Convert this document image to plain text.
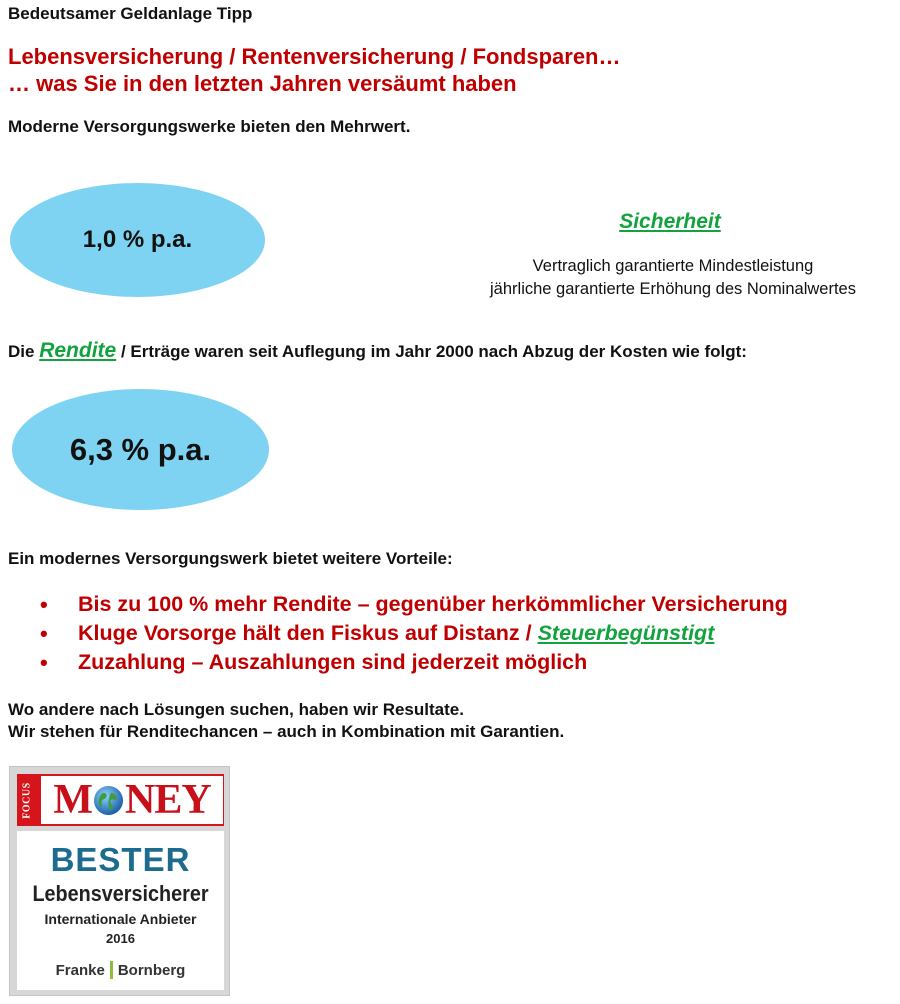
Bedeutsamer Geldanlage Tipp
Lebensversicherung / Rentenversicherung / Fondsparen…
… was Sie in den letzten Jahren versäumt haben
Moderne Versorgungswerke bieten den Mehrwert.
1,0 % p.a.
Sicherheit
Vertraglich garantierte Mindestleistung
jährliche garantierte Erhöhung des Nominalwertes
Die Rendite / Erträge waren seit Auflegung im Jahr 2000 nach Abzug der Kosten wie folgt:
6,3 % p.a.
Ein modernes Versorgungswerk bietet weitere Vorteile:
• Bis zu 100 % mehr Rendite – gegenüber herkömmlicher Versicherung
• Kluge Vorsorge hält den Fiskus auf Distanz / Steuerbegünstigt
• Zuzahlung – Auszahlungen sind jederzeit möglich
Wo andere nach Lösungen suchen, haben wir Resultate.
Wir stehen für Renditechancen – auch in Kombination mit Garantien.
FOCUS M NEY
BESTER
Lebensversicherer
Internationale Anbieter
2016
Franke Bornberg
